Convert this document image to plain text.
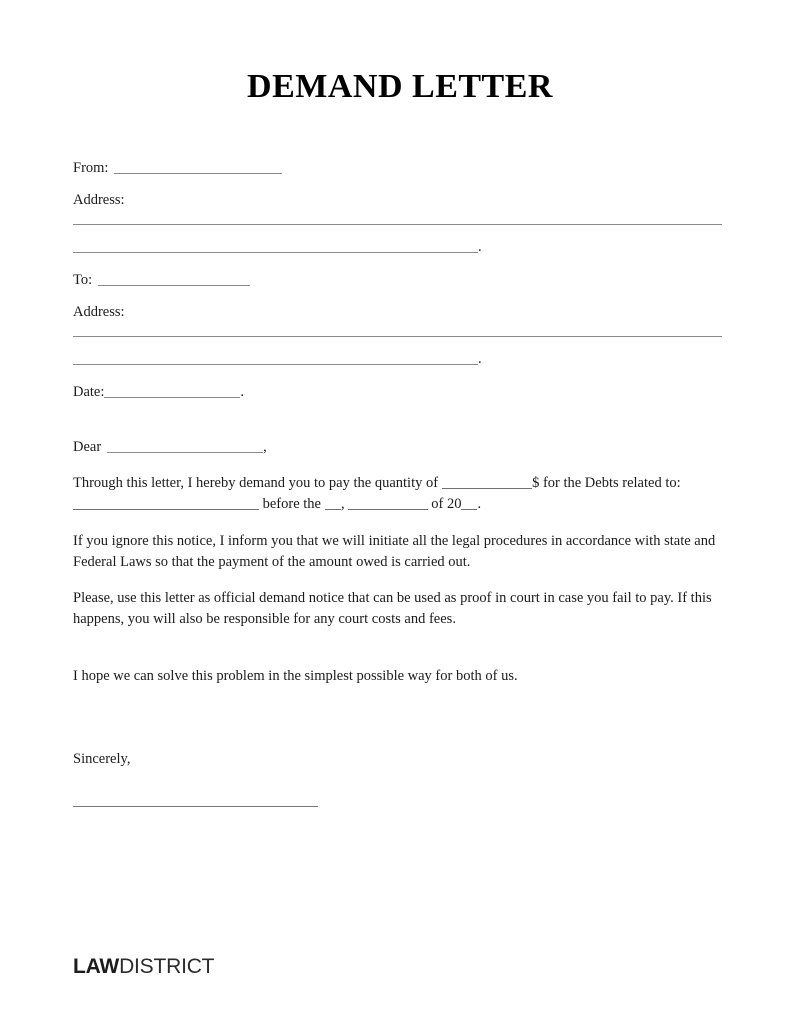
DEMAND LETTER
From:
Address:
.
To:
Address:
.
Date:	.
Dear	,
Through this letter, I hereby demand you to pay the quantity of	$ for the Debts related to:
before the ,	of 20 .
If you ignore this notice, I inform you that we will initiate all the legal procedures in accordance with state and Federal Laws so that the payment of the amount owed is carried out.
Please, use this letter as official demand notice that can be used as proof in court in case you fail to pay. If this happens, you will also be responsible for any court costs and fees.
I hope we can solve this problem in the simplest possible way for both of us.
Sincerely,
LAWDISTRICT
